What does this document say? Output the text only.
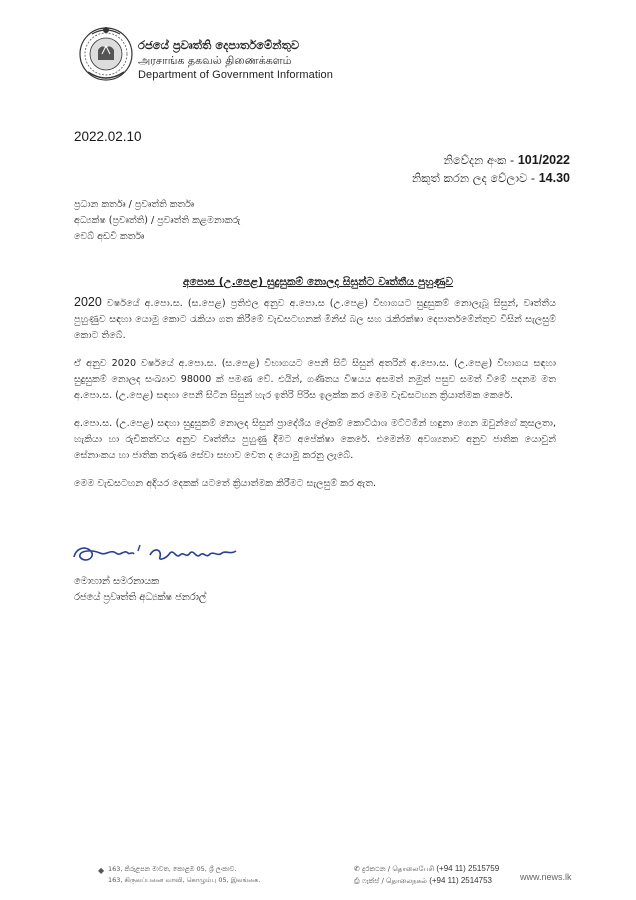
රජයේ ප්‍රවෘත්ති දෙපාර්තමේන්තුව
அரசாங்க தகவல் திணைக்களம்
Department of Government Information
2022.02.10
නිවේදන අංක - 101/2022
නිකුත් කරන ලද වේලාව - 14.30
ප්‍රධාන කර්තෘ / ප්‍රවෘත්ති කර්තෘ
අධ්‍යක්ෂ (ප්‍රවෘත්ති) / ප්‍රවෘත්ති කළමනාකරු
වෙබ් අඩවි කර්තෘ
අපොස (උ.පෙළ) සුදුසුකම් නොලද සිසුන්ට වෘත්තීය පුහුණුව

2020 වර්ෂයේ අ.පො.ස. (ස.පෙළ) ප්‍රතිඵල අනුව අ.පො.ස (උ.පෙළ) විභාගයට සුදුසුකම් නොලැබූ සිසුන්, වෘත්තීය පුහුණුව සඳහා යොමු කොට රැකියා ගත කිරීමේ වැඩසටහනක් මිනිස් බල සහ රැකිරක්ෂා දෙපාර්තමේන්තුව විසින් සැලසුම් කොට තිබේ.

ඒ අනුව 2020 වර්ෂයේ අ.පො.ස. (ස.පෙළ) විභාගයට පෙනී සිටි සිසුන් අතරින් අ.පො.ස. (උ.පෙළ) විභාගය සඳහා සුදුසුකම් නොලද සංඛ්‍යාව 98000 ක් පමණ වේ. එයින්, ගණිතය විෂයය අසමත් නමුත් පසුව සමත් වීමේ පදනම මත අ.පො.ස. (උ.පෙළ) සඳහා පෙනී සිටින සිසුන් හැර ඉතිරි පිරිස ඉලක්ක කර මෙම වැඩසටහන ක්‍රියාත්මක කෙරේ.

අ.පො.ස. (උ.පෙළ) සඳහා සුදුසුකම් නොලද සිසුන් ප්‍රාදේශීය ලේකම් කොට්ඨාශ මට්ටමින් හඳුනා ගෙන ඔවුන්ගේ කුසලතා, හැකියා හා රුචිකත්වය අනුව වෘත්තීය පුහුණු දීමට අපේක්ෂා කෙරේ. එමෙන්ම අවශ්‍යතාව අනුව ජාතික යොවුන් සේනාංකය හා ජාතික තරුණ සේවා සභාව වෙත ද යොමු කරනු ලැබේ.

මෙම වැඩසටහන අදියර දෙකක් යටතේ ක්‍රියාත්මක කිරීමට සැලසුම් කර ඇත.

මොහාන් සමරනායක
රජයේ ප්‍රවෘත්ති අධ්‍යක්ෂ ජනරාල්
◆ 163, කිරුළපන මාවත, කොළඹ 05, ශ්‍රී ලංකාව.
163, கிருலப்பனை வாவி, கொழும்பு 05, இலங்கை.
✆ දුරකථන / தொலைபேசி (+94 11) 2515759
⎙ ෆැක්ස් / தொலைநகல் (+94 11) 2514753	www.news.lk
